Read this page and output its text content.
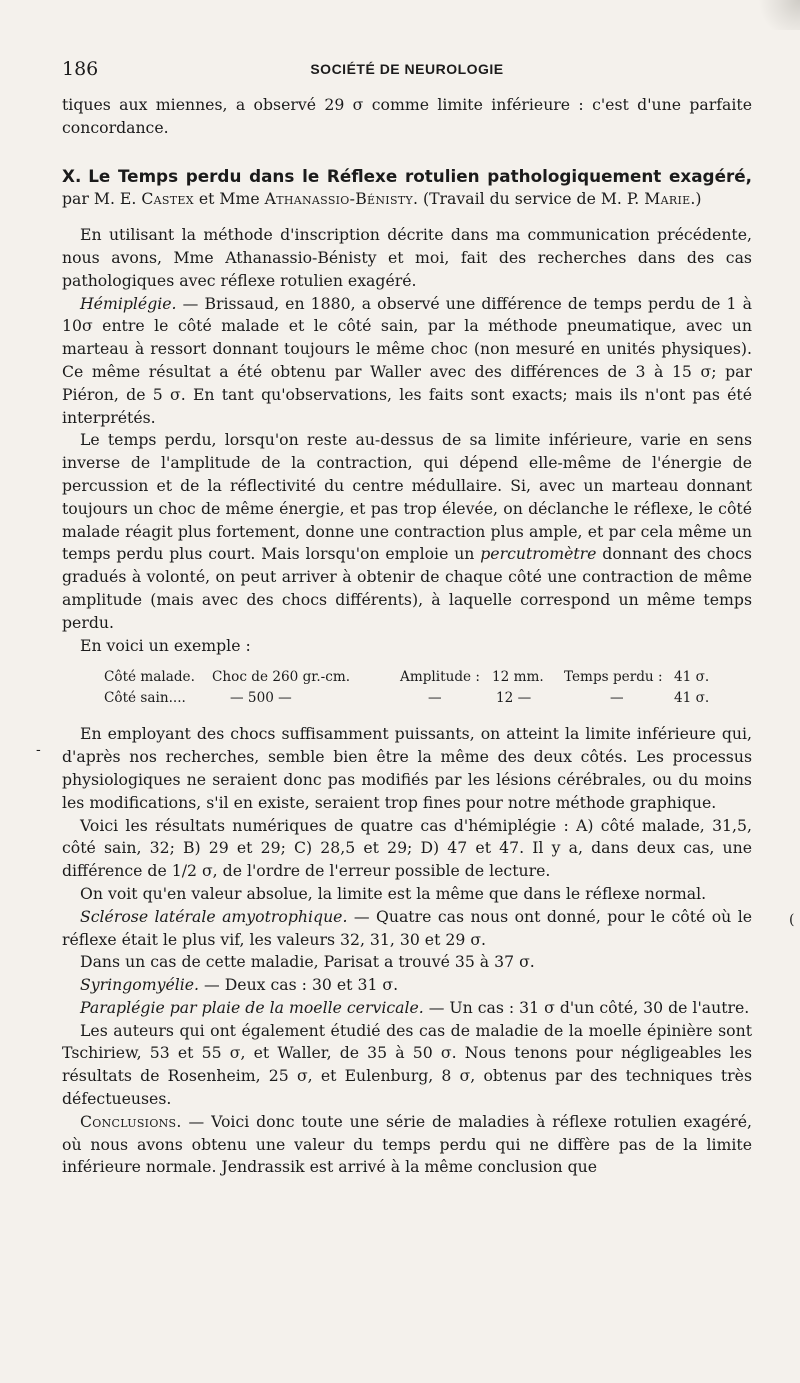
186	SOCIÉTÉ DE NEUROLOGIE

tiques aux miennes, a observé 29 σ comme limite inférieure : c'est d'une parfaite concordance.

X. Le Temps perdu dans le Réflexe rotulien pathologiquement exagéré, par M. E. Castex et Mme Athanassio-Bénisty. (Travail du service de M. P. Marie.)

En utilisant la méthode d'inscription décrite dans ma communication précédente, nous avons, Mme Athanassio-Bénisty et moi, fait des recherches dans des cas pathologiques avec réflexe rotulien exagéré.

Hémiplégie. — Brissaud, en 1880, a observé une différence de temps perdu de 1 à 10σ entre le côté malade et le côté sain, par la méthode pneumatique, avec un marteau à ressort donnant toujours le même choc (non mesuré en unités physiques). Ce même résultat a été obtenu par Waller avec des différences de 3 à 15 σ; par Piéron, de 5 σ. En tant qu'observations, les faits sont exacts; mais ils n'ont pas été interprétés.

Le temps perdu, lorsqu'on reste au-dessus de sa limite inférieure, varie en sens inverse de l'amplitude de la contraction, qui dépend elle-même de l'énergie de percussion et de la réflectivité du centre médullaire. Si, avec un marteau donnant toujours un choc de même énergie, et pas trop élevée, on déclanche le réflexe, le côté malade réagit plus fortement, donne une contraction plus ample, et par cela même un temps perdu plus court. Mais lorsqu'on emploie un percutromètre donnant des chocs gradués à volonté, on peut arriver à obtenir de chaque côté une contraction de même amplitude (mais avec des chocs différents), à laquelle correspond un même temps perdu.

En voici un exemple :

Côté malade.	Choc de 260 gr.-cm.	Amplitude : 12 mm.	Temps perdu : 41 σ.
Côté sain....	— 500 —	—	12 —	—	41 σ.

En employant des chocs suffisamment puissants, on atteint la limite inférieure qui, d'après nos recherches, semble bien être la même des deux côtés. Les processus physiologiques ne seraient donc pas modifiés par les lésions cérébrales, ou du moins les modifications, s'il en existe, seraient trop fines pour notre méthode graphique.

Voici les résultats numériques de quatre cas d'hémiplégie : A) côté malade, 31,5, côté sain, 32; B) 29 et 29; C) 28,5 et 29; D) 47 et 47. Il y a, dans deux cas, une différence de 1/2 σ, de l'ordre de l'erreur possible de lecture.

On voit qu'en valeur absolue, la limite est la même que dans le réflexe normal.

Sclérose latérale amyotrophique. — Quatre cas nous ont donné, pour le côté où le réflexe était le plus vif, les valeurs 32, 31, 30 et 29 σ.

Dans un cas de cette maladie, Parisat a trouvé 35 à 37 σ.

Syringomyélie. — Deux cas : 30 et 31 σ.

Paraplégie par plaie de la moelle cervicale. — Un cas : 31 σ d'un côté, 30 de l'autre.

Les auteurs qui ont également étudié des cas de maladie de la moelle épinière sont Tschiriew, 53 et 55 σ, et Waller, de 35 à 50 σ. Nous tenons pour négligeables les résultats de Rosenheim, 25 σ, et Eulenburg, 8 σ, obtenus par des techniques très défectueuses.

Conclusions. — Voici donc toute une série de maladies à réflexe rotulien exagéré, où nous avons obtenu une valeur du temps perdu qui ne diffère pas de la limite inférieure normale. Jendrassik est arrivé à la même conclusion que

-
(
